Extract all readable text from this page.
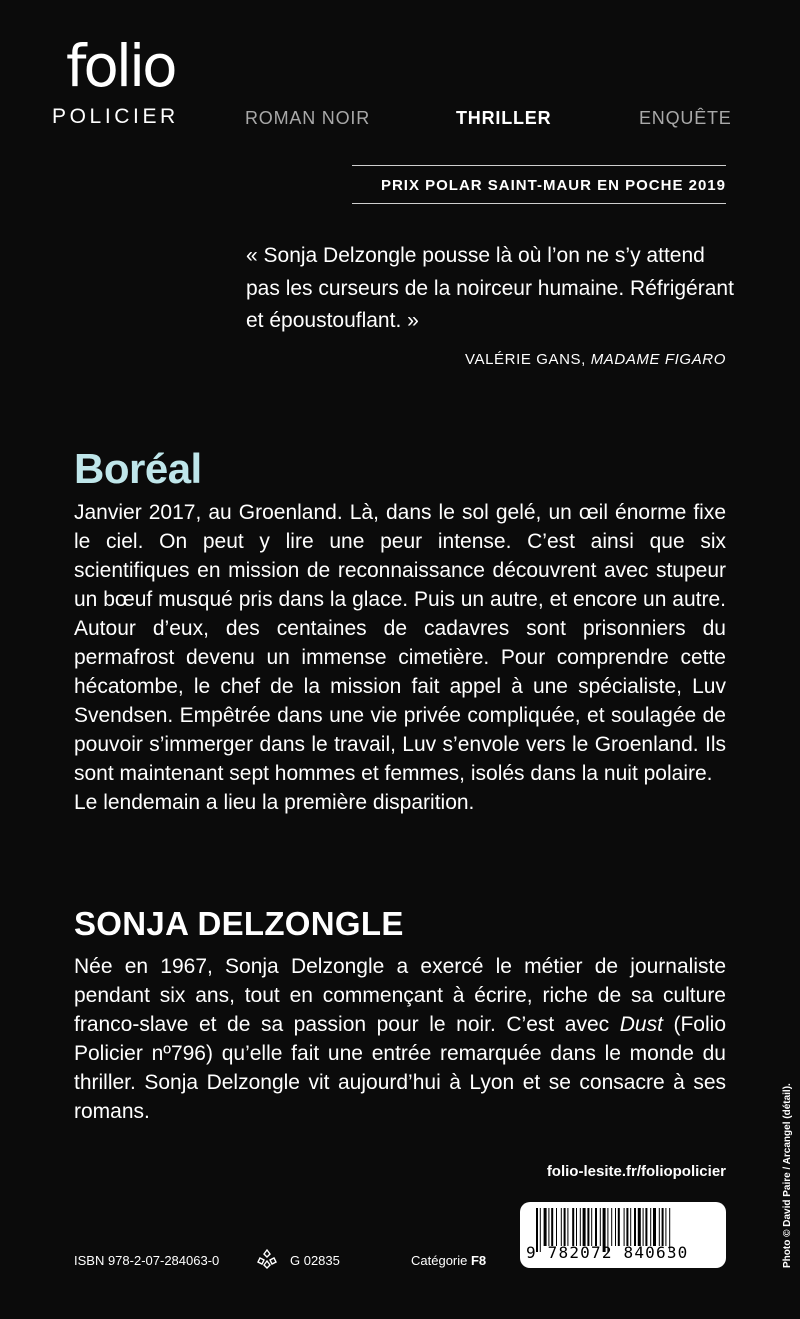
folio
POLICIER	ROMAN NOIR	THRILLER	ENQUÊTE
PRIX POLAR SAINT-MAUR EN POCHE 2019
« Sonja Delzongle pousse là où l’on ne s’y attend pas les curseurs de la noirceur humaine. Réfrigérant et époustouflant. »
VALÉRIE GANS, MADAME FIGARO
Boréal

Janvier 2017, au Groenland. Là, dans le sol gelé, un œil énorme fixe le ciel. On peut y lire une peur intense. C’est ainsi que six scientifiques en mission de reconnaissance découvrent avec stupeur un bœuf musqué pris dans la glace. Puis un autre, et encore un autre. Autour d’eux, des centaines de cadavres sont prisonniers du permafrost devenu un immense cimetière. Pour comprendre cette hécatombe, le chef de la mission fait appel à une spécialiste, Luv Svendsen. Empêtrée dans une vie privée compliquée, et soulagée de pouvoir s’immerger dans le travail, Luv s’envole vers le Groenland. Ils sont maintenant sept hommes et femmes, isolés dans la nuit polaire.

Le lendemain a lieu la première disparition.

SONJA DELZONGLE
Née en 1967, Sonja Delzongle a exercé le métier de journaliste pendant six ans, tout en commençant à écrire, riche de sa culture franco-slave et de sa passion pour le noir. C’est avec Dust (Folio Policier nº796) qu’elle fait une entrée remarquée dans le monde du thriller. Sonja Delzongle vit aujourd’hui à Lyon et se consacre à ses romans.
folio-lesite.fr/foliopolicier
9 782072 840630
ISBN 978-2-07-284063-0	G 02835	Catégorie F8	Photo © David Paire / Arcangel (détail).
